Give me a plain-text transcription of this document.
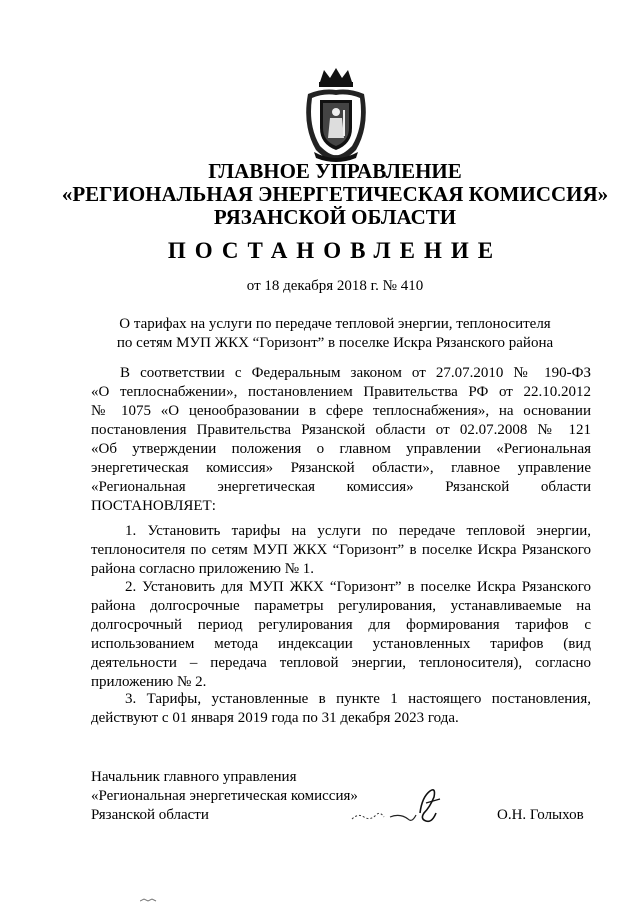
ГЛАВНОЕ УПРАВЛЕНИЕ
«РЕГИОНАЛЬНАЯ ЭНЕРГЕТИЧЕСКАЯ КОМИССИЯ»
РЯЗАНСКОЙ ОБЛАСТИ
ПОСТАНОВЛЕНИЕ
от 18 декабря 2018 г. № 410
О тарифах на услуги по передаче тепловой энергии, теплоносителя
по сетям МУП ЖКХ “Горизонт” в поселке Искра Рязанского района
В соответствии с Федеральным законом от 27.07.2010 № 190-ФЗ
«О теплоснабжении», постановлением Правительства РФ от 22.10.2012
№ 1075 «О ценообразовании в сфере теплоснабжения», на основании
постановления Правительства Рязанской области от 02.07.2008 № 121
«Об утверждении положения о главном управлении «Региональная
энергетическая комиссия» Рязанской области», главное управление
«Региональная энергетическая комиссия» Рязанской области
ПОСТАНОВЛЯЕТ:
1. Установить тарифы на услуги по передаче тепловой энергии,
теплоносителя по сетям МУП ЖКХ “Горизонт” в поселке Искра Рязанского
района согласно приложению № 1.
2. Установить для МУП ЖКХ “Горизонт” в поселке Искра Рязанского
района долгосрочные параметры регулирования, устанавливаемые на
долгосрочный период регулирования для формирования тарифов с
использованием метода индексации установленных тарифов (вид
деятельности – передача тепловой энергии, теплоносителя), согласно
приложению № 2.
3. Тарифы, установленные в пункте 1 настоящего постановления,
действуют с 01 января 2019 года по 31 декабря 2023 года.
Начальник главного управления
«Региональная энергетическая комиссия»
Рязанской области	О.Н. Голыхов
